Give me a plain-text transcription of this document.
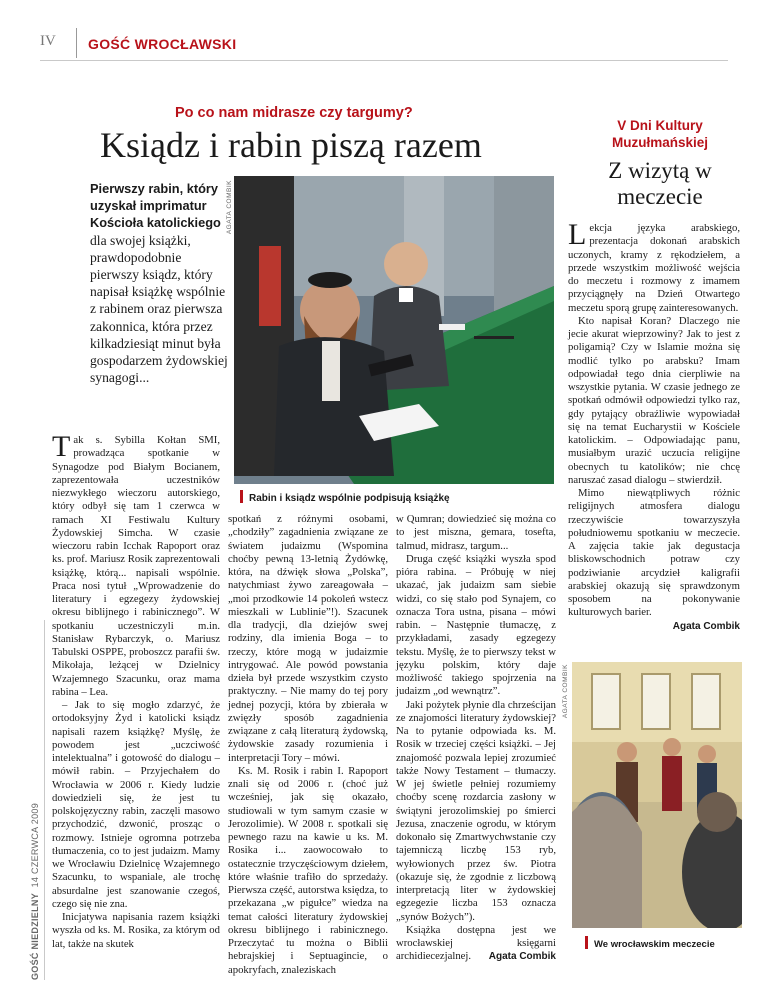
IV GOŚĆ WROCŁAWSKI
GOŚĆ NIEDZIELNY  14 CZERWCA 2009
Po co nam midrasze czy targumy?
Ksiądz i rabin piszą razem
Pierwszy rabin, który uzyskał imprimatur Kościoła katolickiego dla swojej książki, prawdopodobnie pierwszy ksiądz, który napisał książkę wspólnie z rabinem oraz pierwsza zakonnica, która przez kilkadziesiąt minut była gospodarzem żydowskiej synagogi...
AGATA COMBIK
Rabin i ksiądz wspólnie podpisują książkę

Tak s. Sybilla Kołtan SMI, prowadząca spotkanie w Synagodze pod Białym Bocianem, zaprezentowała uczestników niezwykłego wieczoru autorskiego, który odbył się tam 1 czerwca w ramach XI Festiwalu Kultury Żydowskiej Simcha. W czasie wieczoru rabin Icchak Rapoport oraz ks. prof. Mariusz Rosik zaprezentowali książkę, którą... napisali wspólnie. Praca nosi tytuł „Wprowadzenie do literatury i egzegezy żydowskiej okresu biblijnego i rabinicznego”. W spotkaniu uczestniczyli m.in. Stanisław Rybarczyk, o. Mariusz Tabulski OSPPE, proboszcz parafii św. Mikołaja, leżącej w Dzielnicy Wzajemnego Szacunku, oraz mama rabina – Lea.

– Jak to się mogło zdarzyć, że ortodoksyjny Żyd i katolicki ksiądz napisali razem książkę? Myślę, że powodem jest „uczciwość intelektualna” i gotowość do dialogu – mówił rabin. – Przyjechałem do Wrocławia w 2006 r. Kiedy ludzie dowiedzieli się, że jest tu polskojęzyczny rabin, zaczęli masowo przychodzić, dzwonić, prosząc o rozmowy. Istnieje ogromna potrzeba tłumaczenia, co to jest judaizm. Mamy we Wrocławiu Dzielnicę Wzajemnego Szacunku, to wspaniale, ale trochę absurdalne jest szanowanie czegoś, czego się nie zna.

Inicjatywa napisania razem książki wyszła od ks. M. Rosika, za którym od lat, także na skutek

spotkań z różnymi osobami, „chodziły” zagadnienia związane ze światem judaizmu (Wspomina choćby pewną 13-letnią Żydówkę, która, na dźwięk słowa „Polska”, natychmiast żywo zareagowała – „moi przodkowie 14 pokoleń wstecz mieszkali w Lublinie”!). Szacunek dla tradycji, dla dziejów swej rodziny, dla imienia Boga – to rzeczy, które mogą w judaizmie intrygować. Ale powód powstania dzieła był przede wszystkim czysto praktyczny. – Nie mamy do tej pory jednej pozycji, która by zbierała w zwięzły sposób zagadnienia związane z całą literaturą żydowską, żydowskie zasady rozumienia i interpretacji Tory – mówi.

Ks. M. Rosik i rabin I. Rapoport znali się od 2006 r. (choć już wcześniej, jak się okazało, studiowali w tym samym czasie w Jerozolimie). W 2008 r. spotkali się pewnego razu na kawie u ks. M. Rosika i... zaowocowało to ostatecznie trzyczęściowym dziełem, które właśnie trafiło do sprzedaży. Pierwsza część, autorstwa księdza, to przekazana „w pigułce” wiedza na temat całości literatury żydowskiej okresu biblijnego i rabinicznego. Przeczytać tu można o Biblii hebrajskiej i Septuagincie, o apokryfach, znaleziskach

w Qumran; dowiedzieć się można co to jest miszna, gemara, tosefta, talmud, midrasz, targum...

Druga część książki wyszła spod pióra rabina. – Próbuję w niej ukazać, jak judaizm sam siebie widzi, co się stało pod Synajem, co oznacza Tora ustna, pisana – mówi rabin. – Następnie tłumaczę, z przykładami, zasady egzegezy tekstu. Myślę, że to pierwszy tekst w języku polskim, który daje możliwość takiego spojrzenia na judaizm „od wewnątrz”.

Jaki pożytek płynie dla chrześcijan ze znajomości literatury żydowskiej? Na to pytanie odpowiada ks. M. Rosik w trzeciej części książki. – Jej znajomość pozwala lepiej zrozumieć także Nowy Testament – tłumaczy. W jej świetle pełniej rozumiemy choćby scenę rozdarcia zasłony w świątyni jerozolimskiej po śmierci Jezusa, znaczenie ogrodu, w którym dokonało się Zmartwychwstanie czy tajemniczą liczbę 153 ryb, wyłowionych przez św. Piotra (okazuje się, że zgodnie z liczbową interpretacją liter w żydowskiej egzegezie liczba 153 oznacza „synów Bożych”).

Książka dostępna jest we wrocławskiej księgarni archidiecezjalnej.	Agata Combik

V Dni Kultury Muzułmańskiej
Z wizytą w meczecie

Lekcja języka arabskiego, prezentacja dokonań arabskich uczonych, kramy z rękodziełem, a przede wszystkim możliwość wejścia do meczetu i rozmowy z imamem przyciągnęły na Dzień Otwartego meczetu sporą grupę zainteresowanych.

Kto napisał Koran? Dlaczego nie jecie akurat wieprzowiny? Jak to jest z poligamią? Czy w Islamie można się modlić tylko po arabsku? Imam odpowiadał tego dnia cierpliwie na wszystkie pytania. W czasie jednego ze spotkań odmówił odpowiedzi tylko raz, gdy pytający obraźliwie wypowiadał się na temat Eucharystii w Kościele katolickim. – Odpowiadając panu, musiałbym urazić uczucia religijne obecnych tu katolików; nie chcę naruszać zasad dialogu – stwierdził.

Mimo niewątpliwych różnic religijnych atmosfera dialogu rzeczywiście towarzyszyła południowemu spotkaniu w meczecie. A zajęcia takie jak degustacja bliskowschodnich potraw czy podziwianie arcydzieł kaligrafii arabskiej okazują się sprawdzonym sposobem na pokonywanie kulturowych barier.

Agata Combik

AGATA COMBIK
We wrocławskim meczecie
